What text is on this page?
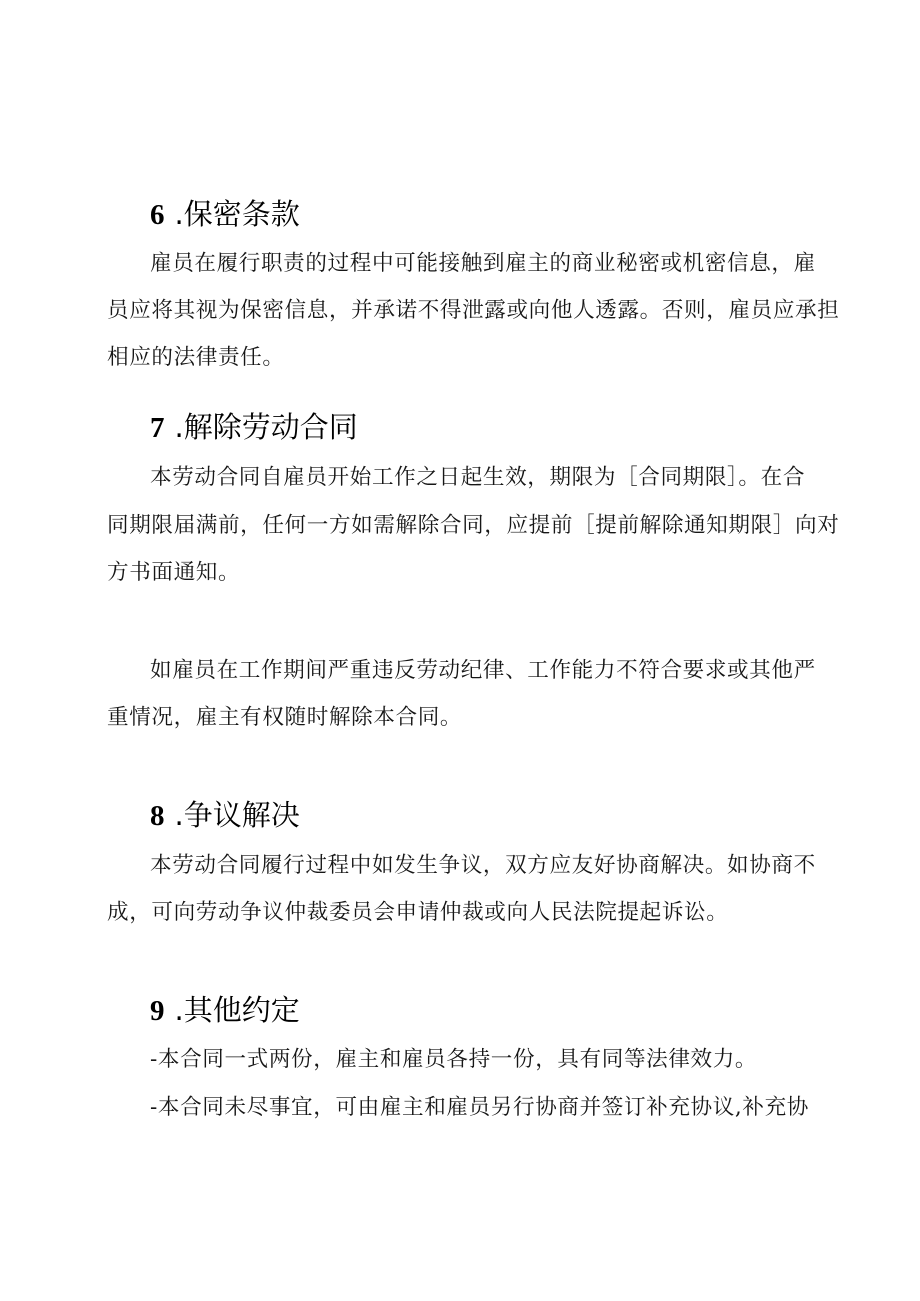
6 .保密条款
雇员在履行职责的过程中可能接触到雇主的商业秘密或机密信息，雇
员应将其视为保密信息，并承诺不得泄露或向他人透露。否则，雇员应承担
相应的法律责任。
7 .解除劳动合同
本劳动合同自雇员开始工作之日起生效，期限为［合同期限］。在合
同期限届满前，任何一方如需解除合同，应提前［提前解除通知期限］向对
方书面通知。
如雇员在工作期间严重违反劳动纪律、工作能力不符合要求或其他严
重情况，雇主有权随时解除本合同。
8 .争议解决
本劳动合同履行过程中如发生争议，双方应友好协商解决。如协商不
成，可向劳动争议仲裁委员会申请仲裁或向人民法院提起诉讼。
9 .其他约定
-本合同一式两份，雇主和雇员各持一份，具有同等法律效力。
-本合同未尽事宜，可由雇主和雇员另行协商并签订补充协议,补充协
